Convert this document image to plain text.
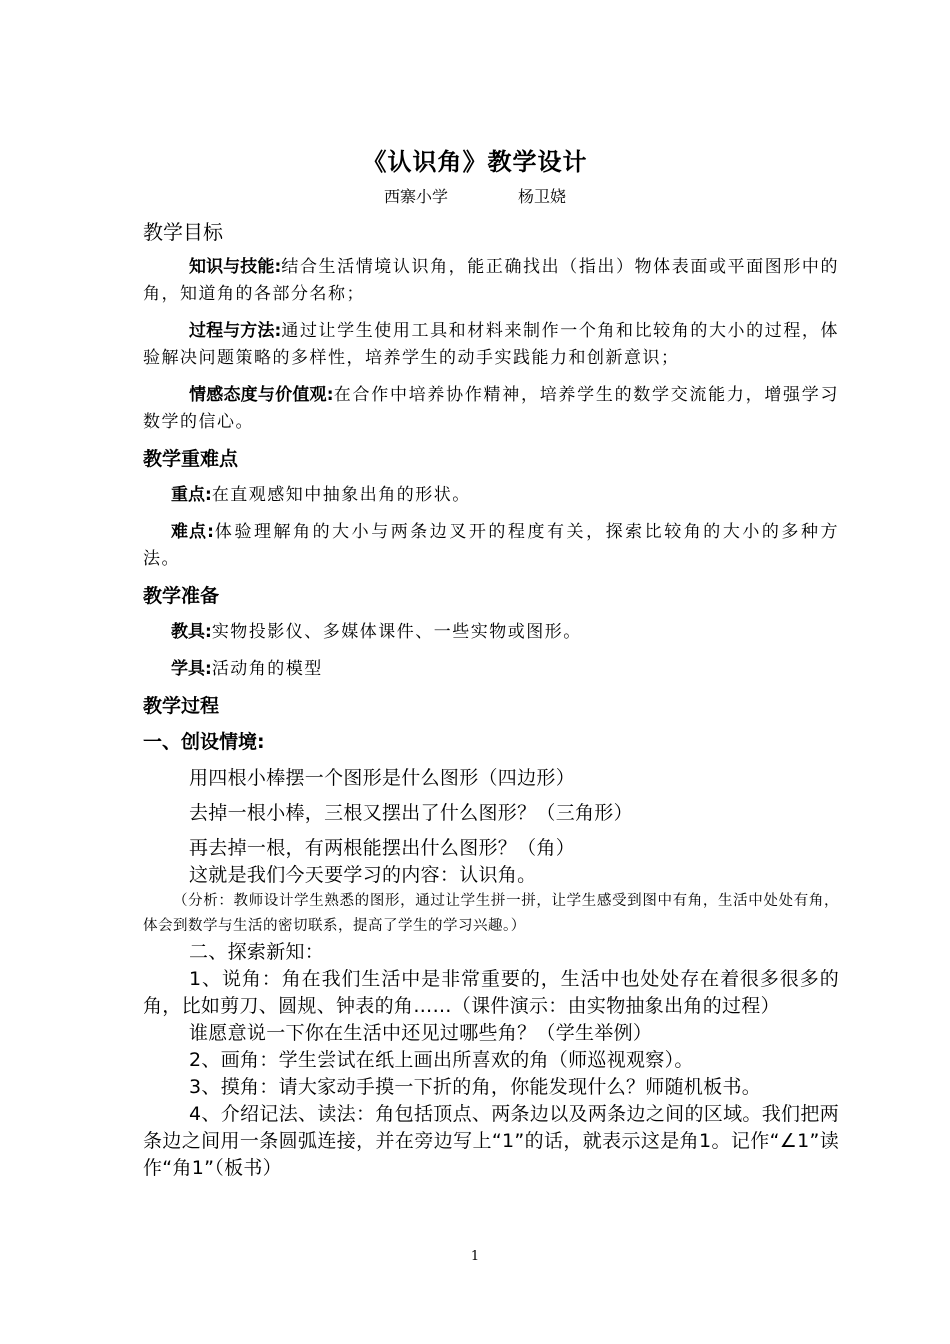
《认识角》教学设计
西寨小学	杨卫娆

教学目标

知识与技能:结合生活情境认识角，能正确找出（指出）物体表面或平面图形中的角，知道角的各部分名称；

过程与方法:通过让学生使用工具和材料来制作一个角和比较角的大小的过程，体验解决问题策略的多样性，培养学生的动手实践能力和创新意识；

情感态度与价值观:在合作中培养协作精神，培养学生的数学交流能力，增强学习数学的信心。

教学重难点

重点:在直观感知中抽象出角的形状。

难点:体验理解角的大小与两条边叉开的程度有关，探索比较角的大小的多种方 法。

教学准备

教具:实物投影仪、多媒体课件、一些实物或图形。

学具:活动角的模型

教学过程

一、创设情境:

用四根小棒摆一个图形是什么图形（四边形）

去掉一根小棒，三根又摆出了什么图形？（三角形）

再去掉一根，有两根能摆出什么图形？（角）

这就是我们今天要学习的内容：认识角。

（分析：教师设计学生熟悉的图形，通过让学生拼一拼，让学生感受到图中有角，生活中处处有角，体会到数学与生活的密切联系，提高了学生的学习兴趣。）

二、探索新知：

1、说角：角在我们生活中是非常重要的，生活中也处处存在着很多很多的角，比如剪刀、圆规、钟表的角……（课件演示：由实物抽象出角的过程）

谁愿意说一下你在生活中还见过哪些角？（学生举例）

2、画角：学生尝试在纸上画出所喜欢的角（师巡视观察）。

3、摸角：请大家动手摸一下折的角，你能发现什么？师随机板书。

4、介绍记法、读法：角包括顶点、两条边以及两条边之间的区域。我们把两条边之间用一条圆弧连接，并在旁边写上“1”的话，就表示这是角1。记作“∠1”读作“角1”（板书）

1
